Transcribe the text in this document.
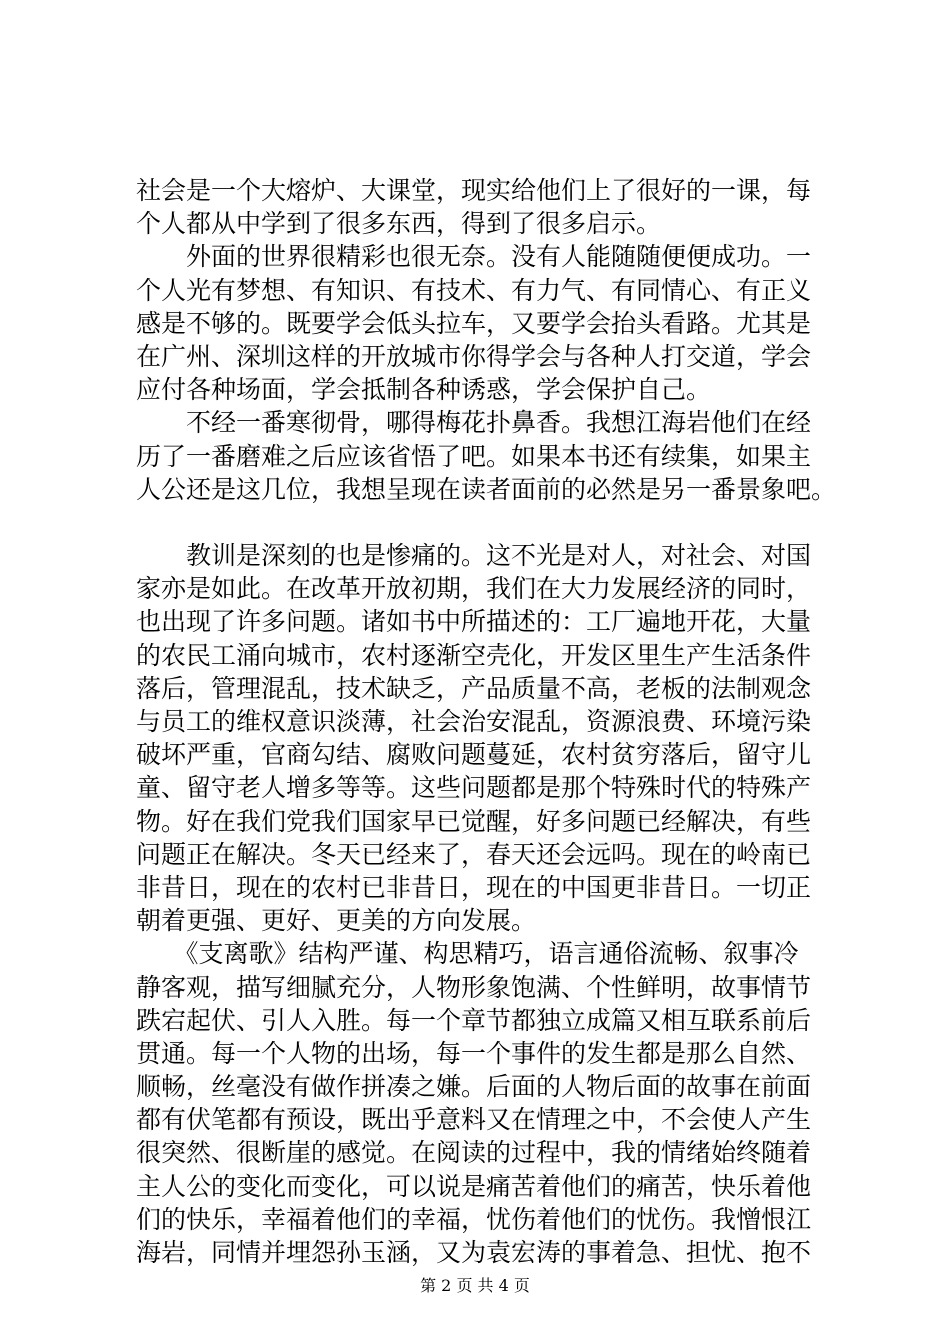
社会是一个大熔炉、大课堂，现实给他们上了很好的一课，每
个人都从中学到了很多东西，得到了很多启示。
　　外面的世界很精彩也很无奈。没有人能随随便便成功。一
个人光有梦想、有知识、有技术、有力气、有同情心、有正义
感是不够的。既要学会低头拉车，又要学会抬头看路。尤其是
在广州、深圳这样的开放城市你得学会与各种人打交道，学会
应付各种场面，学会抵制各种诱惑，学会保护自己。
　　不经一番寒彻骨，哪得梅花扑鼻香。我想江海岩他们在经
历了一番磨难之后应该省悟了吧。如果本书还有续集，如果主
人公还是这几位，我想呈现在读者面前的必然是另一番景象吧。
　　教训是深刻的也是惨痛的。这不光是对人，对社会、对国
家亦是如此。在改革开放初期，我们在大力发展经济的同时，
也出现了许多问题。诸如书中所描述的：工厂遍地开花，大量
的农民工涌向城市，农村逐渐空壳化，开发区里生产生活条件
落后，管理混乱，技术缺乏，产品质量不高，老板的法制观念
与员工的维权意识淡薄，社会治安混乱，资源浪费、环境污染
破坏严重，官商勾结、腐败问题蔓延，农村贫穷落后，留守儿
童、留守老人增多等等。这些问题都是那个特殊时代的特殊产
物。好在我们党我们国家早已觉醒，好多问题已经解决，有些
问题正在解决。冬天已经来了，春天还会远吗。现在的岭南已
非昔日，现在的农村已非昔日，现在的中国更非昔日。一切正
朝着更强、更好、更美的方向发展。
　　《支离歌》结构严谨、构思精巧，语言通俗流畅、叙事冷
静客观，描写细腻充分，人物形象饱满、个性鲜明，故事情节
跌宕起伏、引人入胜。每一个章节都独立成篇又相互联系前后
贯通。每一个人物的出场，每一个事件的发生都是那么自然、
顺畅，丝毫没有做作拼凑之嫌。后面的人物后面的故事在前面
都有伏笔都有预设，既出乎意料又在情理之中，不会使人产生
很突然、很断崖的感觉。在阅读的过程中，我的情绪始终随着
主人公的变化而变化，可以说是痛苦着他们的痛苦，快乐着他
们的快乐，幸福着他们的幸福，忧伤着他们的忧伤。我憎恨江
海岩，同情并埋怨孙玉涵，又为袁宏涛的事着急、担忧、抱不
第 2 页 共 4 页
